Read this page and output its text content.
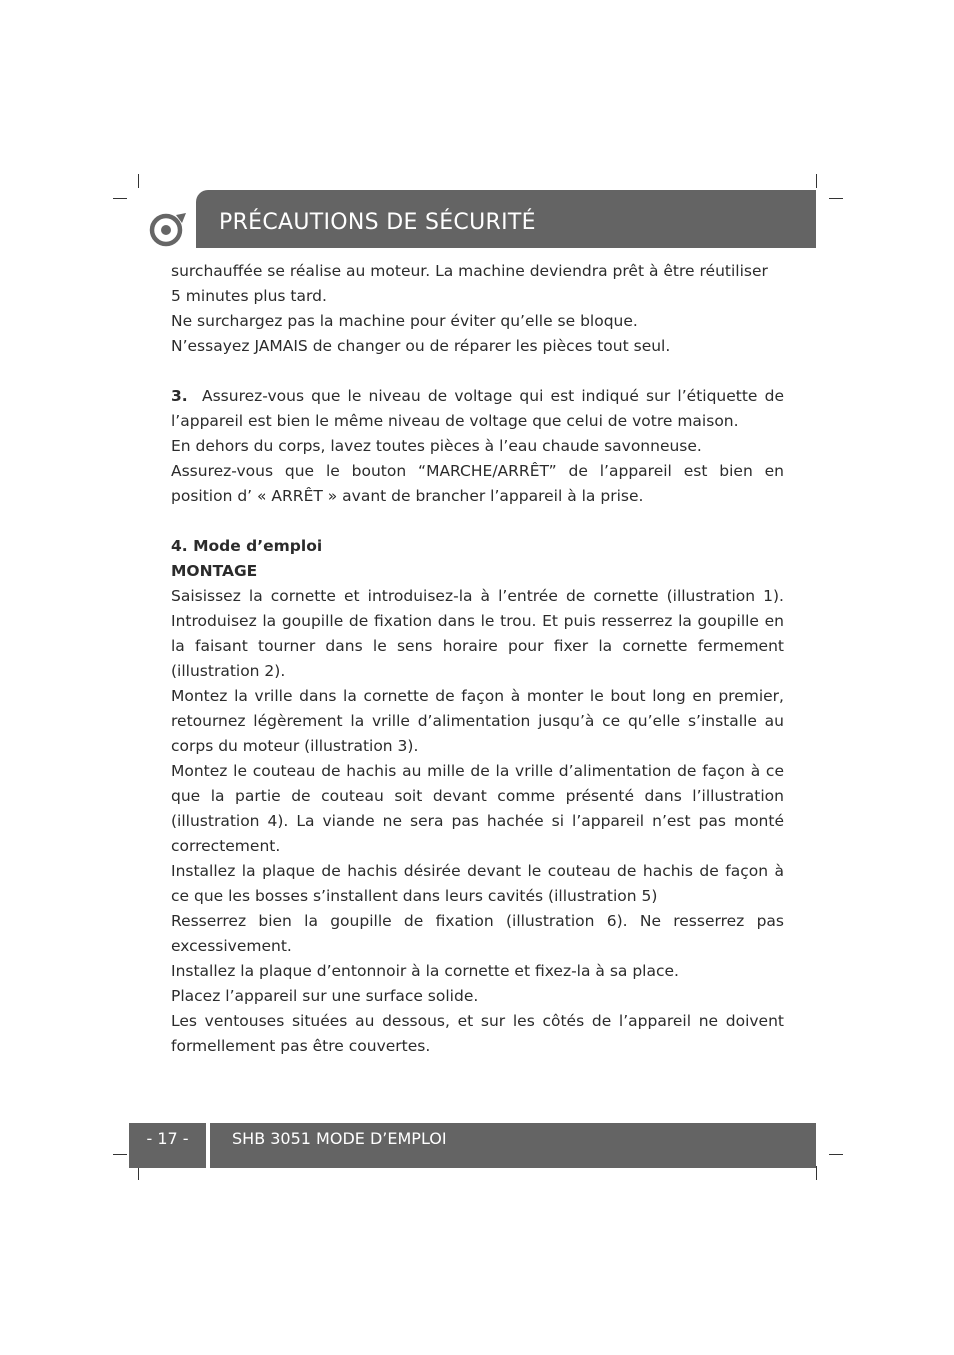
PRÉCAUTIONS DE SÉCURITÉ

surchauffée se réalise au moteur. La machine deviendra prêt à être réutiliser

5 minutes plus tard.

Ne surchargez pas la machine pour éviter qu’elle se bloque.

N’essayez JAMAIS de changer ou de réparer les pièces tout seul.

3. Assurez-vous que le niveau de voltage qui est indiqué sur l’étiquette de l’appareil est bien le même niveau de voltage que celui de votre maison.

En dehors du corps, lavez toutes pièces à l’eau chaude savonneuse.

Assurez-vous que le bouton “MARCHE/ARRÊT” de l’appareil est bien en position d’ « ARRÊT » avant de brancher l’appareil à la prise.

4. Mode d’emploi

MONTAGE

Saisissez la cornette et introduisez-la à l’entrée de cornette (illustration 1). Introduisez la goupille de fixation dans le trou. Et puis resserrez la goupille en la faisant tourner dans le sens horaire pour fixer la cornette fermement (illustration 2).

Montez la vrille dans la cornette de façon à monter le bout long en premier, retournez légèrement la vrille d’alimentation jusqu’à ce qu’elle s’installe au corps du moteur (illustration 3).

Montez le couteau de hachis au mille de la vrille d’alimentation de façon à ce que la partie de couteau soit devant comme présenté dans l’illustration (illustration 4). La viande ne sera pas hachée si l’appareil n’est pas monté correctement.

Installez la plaque de hachis désirée devant le couteau de hachis de façon à ce que les bosses s’installent dans leurs cavités (illustration 5)

Resserrez bien la goupille de fixation (illustration 6). Ne resserrez pas excessivement.

Installez la plaque d’entonnoir à la cornette et fixez-la à sa place.

Placez l’appareil sur une surface solide.

Les ventouses situées au dessous, et sur les côtés de l’appareil ne doivent formellement pas être couvertes.

- 17 -	SHB 3051 MODE D’EMPLOI
